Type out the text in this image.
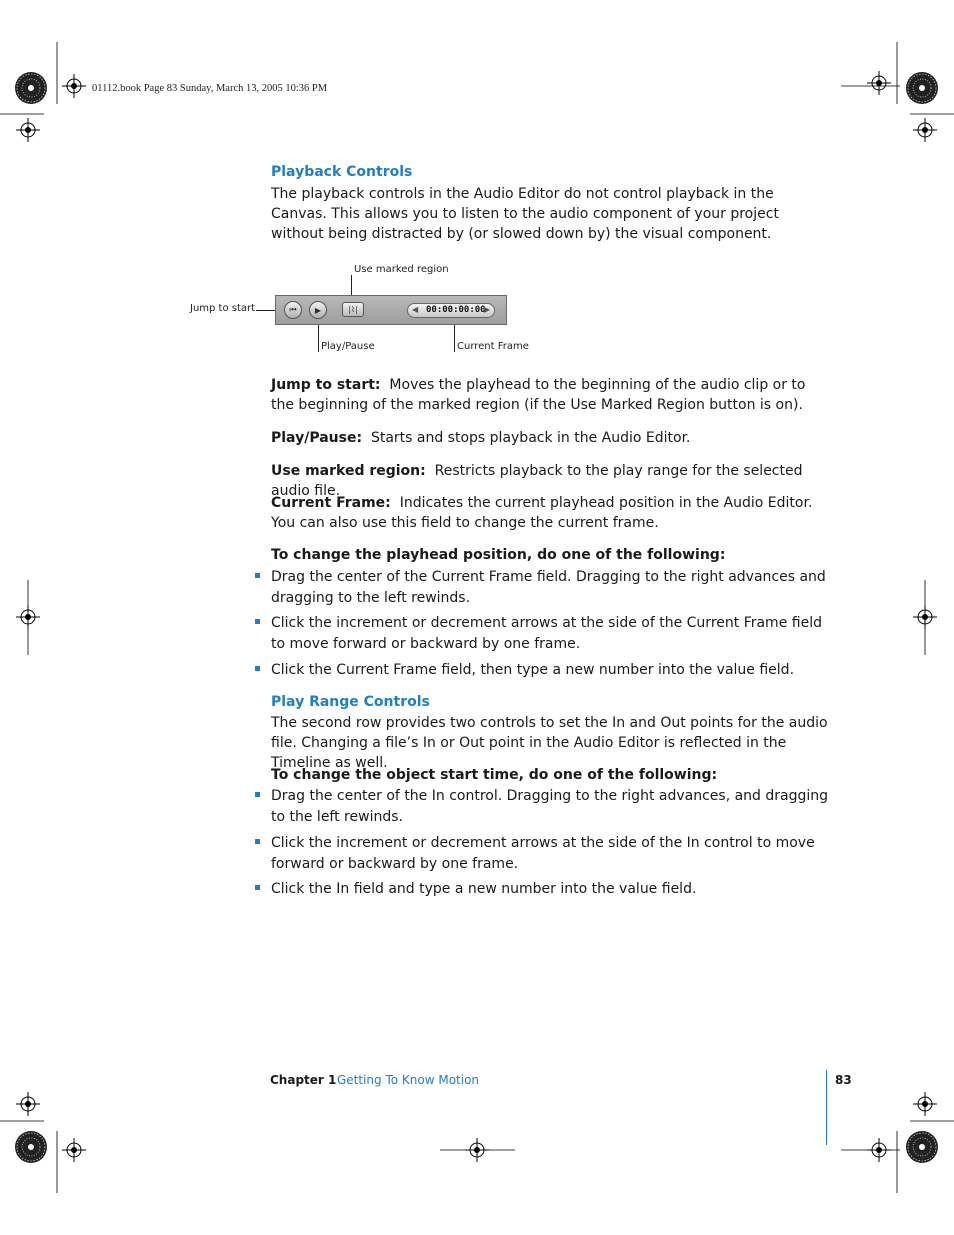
01112.book Page 83 Sunday, March 13, 2005 10:36 PM
Playback Controls
The playback controls in the Audio Editor do not control playback in the Canvas. This allows you to listen to the audio component of your project without being distracted by (or slowed down by) the visual component.
Use marked region
Jump to start
Play/Pause	Current Frame
⏮ ▶	|⌇|	◀ 00:00:00:00
▶
Jump to start: Moves the playhead to the beginning of the audio clip or to the beginning of the marked region (if the Use Marked Region button is on).
Play/Pause: Starts and stops playback in the Audio Editor.
Use marked region: Restricts playback to the play range for the selected audio file.
Current Frame: Indicates the current playhead position in the Audio Editor. You can also use this field to change the current frame.
To change the playhead position, do one of the following:
Drag the center of the Current Frame field. Dragging to the right advances and dragging to the left rewinds.
Click the increment or decrement arrows at the side of the Current Frame field to move forward or backward by one frame.
Click the Current Frame field, then type a new number into the value field.
Play Range Controls
The second row provides two controls to set the In and Out points for the audio file. Changing a file’s In or Out point in the Audio Editor is reflected in the Timeline as well.
To change the object start time, do one of the following:
Drag the center of the In control. Dragging to the right advances, and dragging to the left rewinds.
Click the increment or decrement arrows at the side of the In control to move forward or backward by one frame.
Click the In field and type a new number into the value field.
Chapter 1 Getting To Know Motion	83
